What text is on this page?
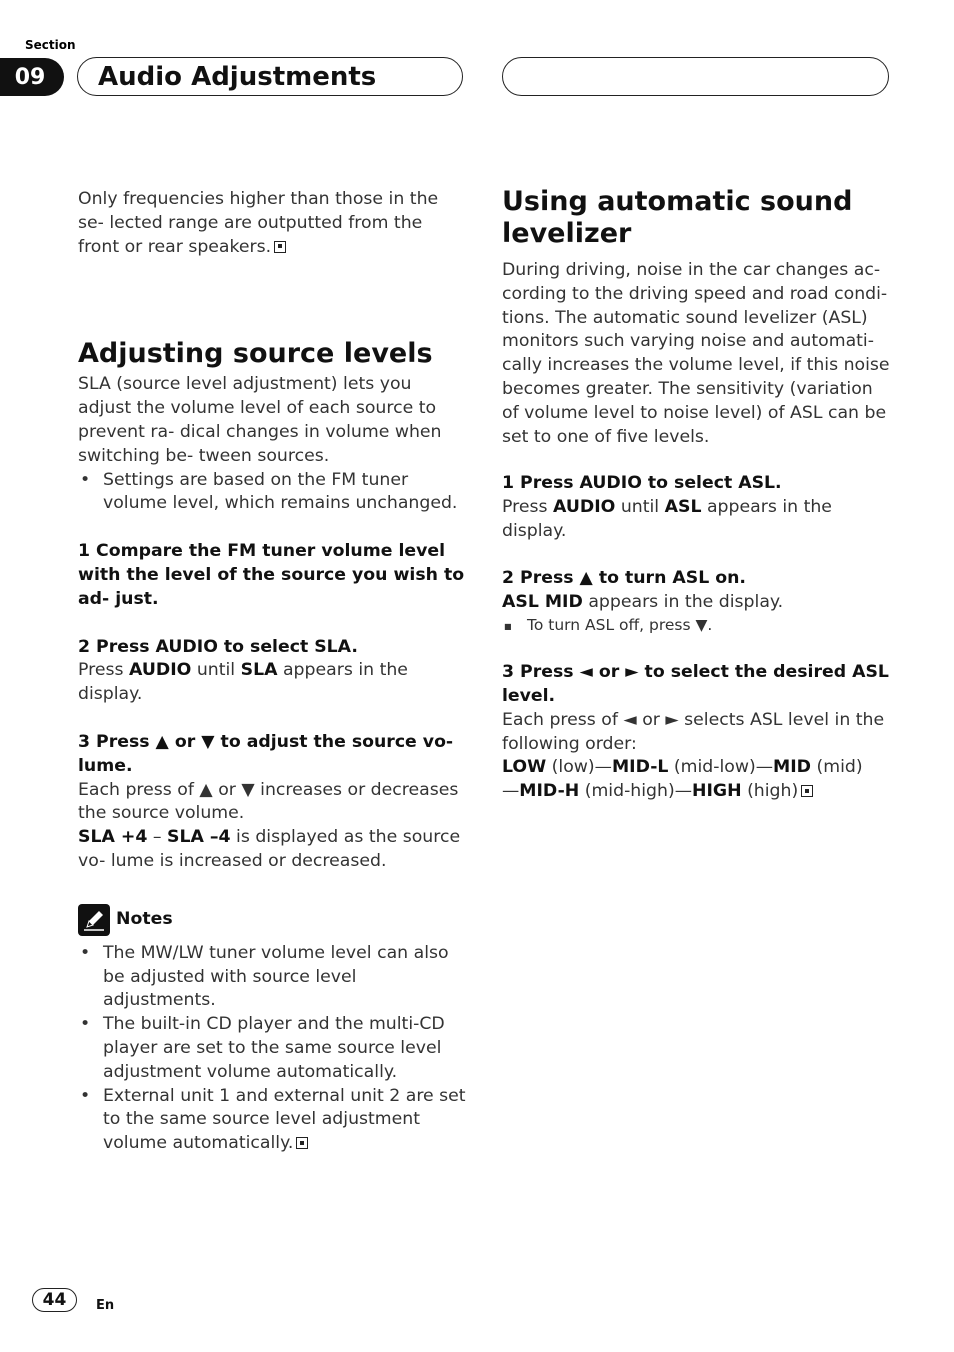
Section
09	Audio Adjustments

Only frequencies higher than those in the se- lected range are outputted from the front or rear speakers.

Adjusting source levels

SLA (source level adjustment) lets you adjust the volume level of each source to prevent ra- dical changes in volume when switching be- tween sources.

• Settings are based on the FM tuner volume level, which remains unchanged.

1 Compare the FM tuner volume level with the level of the source you wish to ad- just.

2 Press AUDIO to select SLA.

Press AUDIO until SLA appears in the display.

3 Press ▲ or ▼ to adjust the source vo- lume.

Each press of ▲ or ▼ increases or decreases the source volume.

SLA +4 – SLA –4 is displayed as the source vo- lume is increased or decreased.

Notes

• The MW/LW tuner volume level can also be adjusted with source level adjustments.

• The built-in CD player and the multi-CD player are set to the same source level adjustment volume automatically.

• External unit 1 and external unit 2 are set to the same source level adjustment volume automatically.

Using automatic sound levelizer

During driving, noise in the car changes ac- cording to the driving speed and road condi- tions. The automatic sound levelizer (ASL) monitors such varying noise and automati- cally increases the volume level, if this noise becomes greater. The sensitivity (variation of volume level to noise level) of ASL can be set to one of five levels.

1 Press AUDIO to select ASL.

Press AUDIO until ASL appears in the display.

2 Press ▲ to turn ASL on.

ASL MID appears in the display.

■ To turn ASL off, press ▼.

3 Press ◄ or ► to select the desired ASL level.

Each press of ◄ or ► selects ASL level in the following order:

LOW (low)—MID-L (mid-low)—MID (mid)
—MID-H (mid-high)—HIGH (high)

44	En
